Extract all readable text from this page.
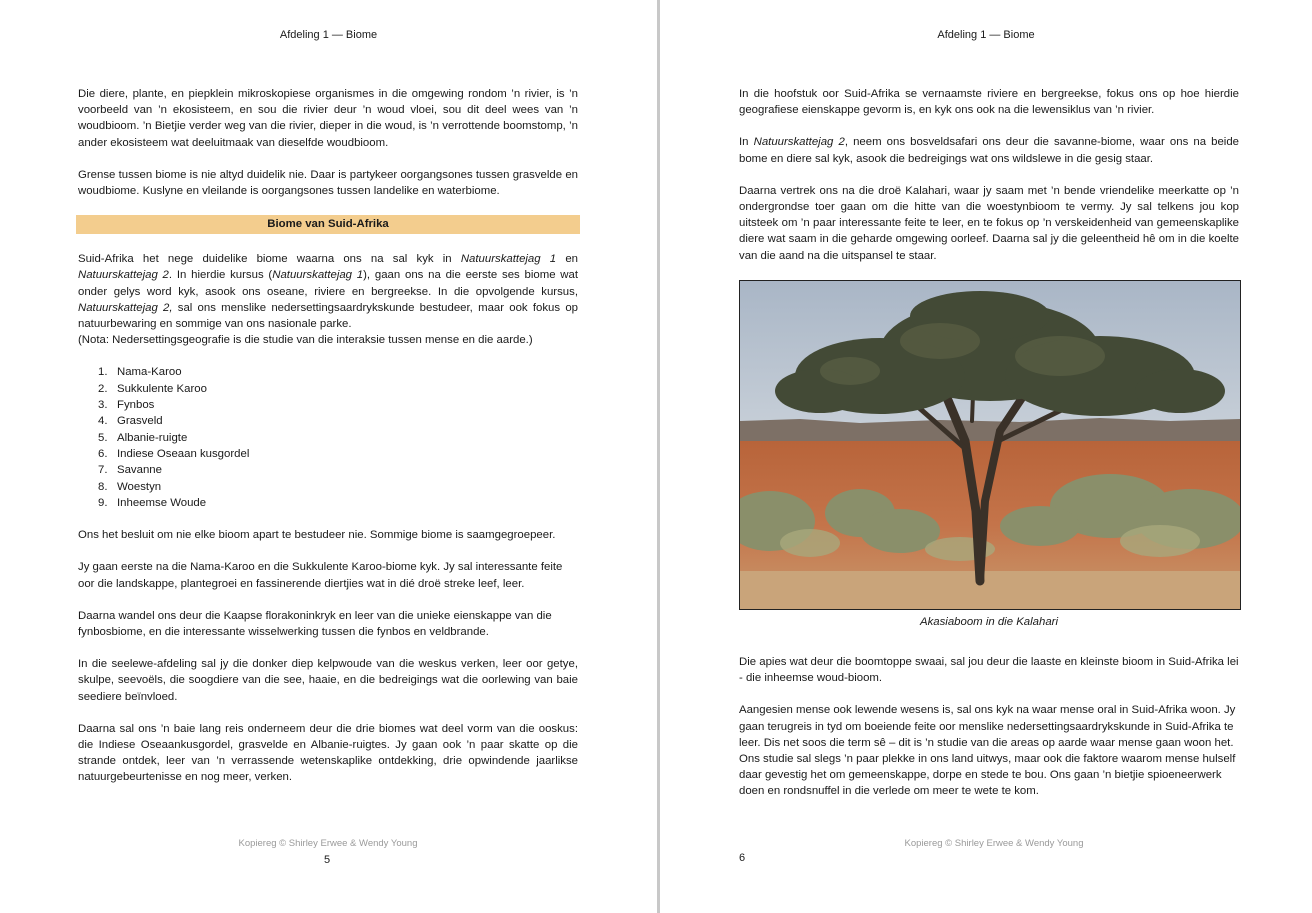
Afdeling 1 — Biome

Die diere, plante, en piepklein mikroskopiese organismes in die omgewing rondom ’n rivier, is ’n voorbeeld van ’n ekosisteem, en sou die rivier deur ’n woud vloei, sou dit deel wees van ’n woudbioom. ’n Bietjie verder weg van die rivier, dieper in die woud, is ’n verrottende boomstomp, ’n ander ekosisteem wat deeluitmaak van dieselfde woudbioom.

Grense tussen biome is nie altyd duidelik nie. Daar is partykeer oorgangsones tussen grasvelde en woudbiome. Kuslyne en vleilande is oorgangsones tussen landelike en waterbiome.

Biome van Suid-Afrika

Suid-Afrika het nege duidelike biome waarna ons na sal kyk in Natuurskattejag 1 en Natuurskattejag 2. In hierdie kursus (Natuurskattejag 1), gaan ons na die eerste ses biome wat onder gelys word kyk, asook ons oseane, riviere en bergreekse. In die opvolgende kursus, Natuurskattejag 2, sal ons menslike nedersettingsaardrykskunde bestudeer, maar ook fokus op natuurbewaring en sommige van ons nasionale parke.

(Nota: Nedersettingsgeografie is die studie van die interaksie tussen mense en die aarde.)

1. Nama-Karoo
2. Sukkulente Karoo
3. Fynbos
4. Grasveld
5. Albanie-ruigte
6. Indiese Oseaan kusgordel
7. Savanne
8. Woestyn
9. Inheemse Woude

Ons het besluit om nie elke bioom apart te bestudeer nie. Sommige biome is saamgegroepeer.

Jy gaan eerste na die Nama-Karoo en die Sukkulente Karoo-biome kyk. Jy sal interessante feite oor die landskappe, plantegroei en fassinerende diertjies wat in dié droë streke leef, leer.

Daarna wandel ons deur die Kaapse florakoninkryk en leer van die unieke eienskappe van die fynbosbiome, en die interessante wisselwerking tussen die fynbos en veldbrande.

In die seelewe-afdeling sal jy die donker diep kelpwoude van die weskus verken, leer oor getye, skulpe, seevoëls, die soogdiere van die see, haaie, en die bedreigings wat die oorlewing van baie seediere beïnvloed.

Daarna sal ons ’n baie lang reis onderneem deur die drie biomes wat deel vorm van die ooskus: die Indiese Oseaankusgordel, grasvelde en Albanie-ruigtes. Jy gaan ook ’n paar skatte op die strande ontdek, leer van ’n verrassende wetenskaplike ontdekking, drie opwindende jaarlikse natuurgebeurtenisse en nog meer, verken.

Kopiereg © Shirley Erwee & Wendy Young
5
Afdeling 1 — Biome

In die hoofstuk oor Suid-Afrika se vernaamste riviere en bergreekse, fokus ons op hoe hierdie geografiese eienskappe gevorm is, en kyk ons ook na die lewensiklus van ’n rivier.

In Natuurskattejag 2, neem ons bosveldsafari ons deur die savanne-biome, waar ons na beide bome en diere sal kyk, asook die bedreigings wat ons wildslewe in die gesig staar.

Daarna vertrek ons na die droë Kalahari, waar jy saam met ’n bende vriendelike meerkatte op ’n ondergrondse toer gaan om die hitte van die woestynbioom te vermy. Jy sal telkens jou kop uitsteek om ’n paar interessante feite te leer, en te fokus op ’n verskeidenheid van gemeenskaplike diere wat saam in die geharde omgewing oorleef. Daarna sal jy die geleentheid hê om in die koelte van die aand na die uitspansel te staar.

Akasiaboom in die Kalahari

Die apies wat deur die boomtoppe swaai, sal jou deur die laaste en kleinste bioom in Suid-Afrika lei - die inheemse woud-bioom.

Aangesien mense ook lewende wesens is, sal ons kyk na waar mense oral in Suid-Afrika woon. Jy gaan terugreis in tyd om boeiende feite oor menslike nedersettingsaardrykskunde in Suid-Afrika te leer. Dis net soos die term sê – dit is ’n studie van die areas op aarde waar mense gaan woon het. Ons studie sal slegs ’n paar plekke in ons land uitwys, maar ook die faktore waarom mense hulself daar gevestig het om gemeenskappe, dorpe en stede te bou. Ons gaan ’n bietjie spioeneerwerk doen en rondsnuffel in die verlede om meer te wete te kom.

Kopiereg © Shirley Erwee & Wendy Young
6
